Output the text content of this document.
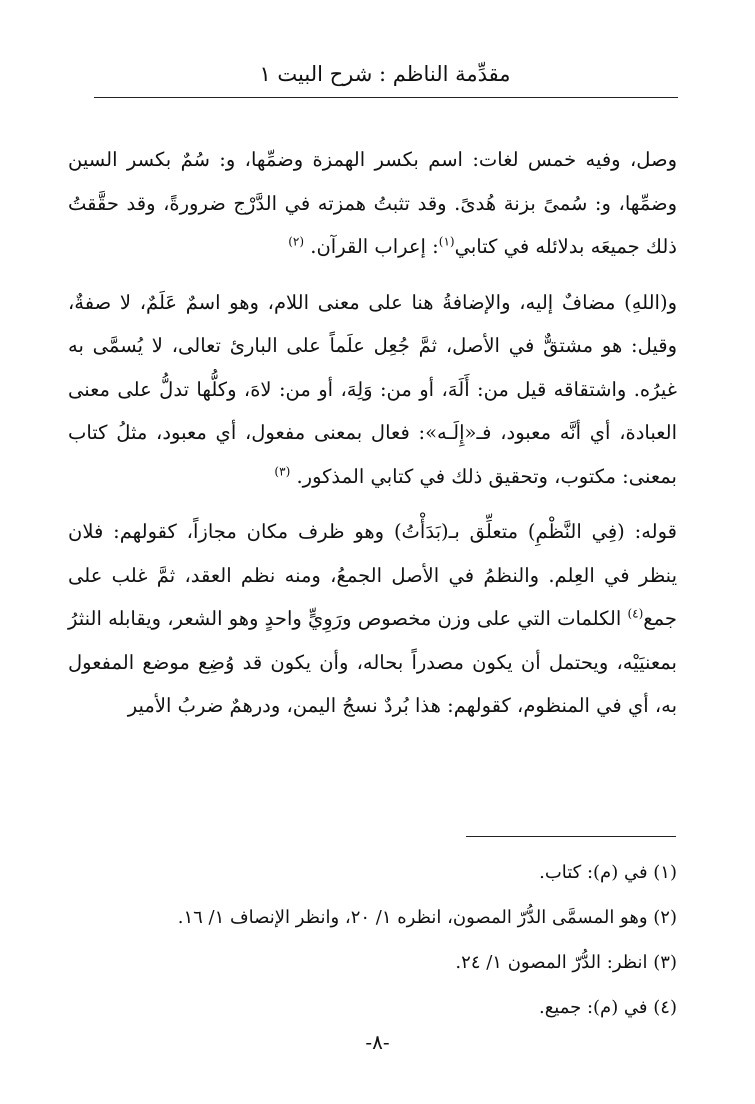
مقدِّمة الناظم : شرح البيت ١

وصل، وفيه خمس لغات: اسم بكسر الهمزة وضمِّها، و: سُمٌ بكسر السين وضمِّها، و: سُمىً بزنة هُدىً. وقد تثبتُ همزته في الدَّرْج ضرورةً، وقد حقَّقتُ ذلك جميعَه بدلائله في كتابي$^{(١)}$: إعراب القرآن. $^{(٢)}$

و(اللهِ) مضافٌ إليه، والإضافةُ هنا على معنى اللام، وهو اسمٌ عَلَمٌ، لا صفةٌ، وقيل: هو مشتقٌّ في الأصل، ثمَّ جُعِل علَماً على البارئ تعالى، لا يُسمَّى به غيرُه. واشتقاقه قيل من: أَلَهَ، أو من: وَلِهَ، أو من: لاهَ، وكلُّها تدلُّ على معنى العبادة، أي أنَّه معبود، فـ«إِلَـه»: فعال بمعنى مفعول، أي معبود، مثلُ كتاب بمعنى: مكتوب، وتحقيق ذلك في كتابي المذكور. $^{(٣)}$

قوله: (فِي النَّظْمِ) متعلِّق بـ(بَدَأْتُ) وهو ظرف مكان مجازاً، كقولهم: فلان ينظر في العِلم. والنظمُ في الأصل الجمعُ، ومنه نظم العقد، ثمَّ غلب على جمع$^{(٤)}$ الكلمات التي على وزن مخصوص ورَوِيٍّ واحدٍ وهو الشعر، ويقابله النثرُ بمعنيَيْه، ويحتمل أن يكون مصدراً بحاله، وأن يكون قد وُضِع موضع المفعول به، أي في المنظوم، كقولهم: هذا بُردٌ نسجُ اليمن، ودرهمٌ ضربُ الأمير

(١) في (م): كتاب.

(٢) وهو المسمَّى الدُّرّ المصون، انظره ١/ ٢٠، وانظر الإنصاف ١/ ١٦.

(٣) انظر: الدُّرّ المصون ١/ ٢٤.

(٤) في (م): جميع.

-٨-
